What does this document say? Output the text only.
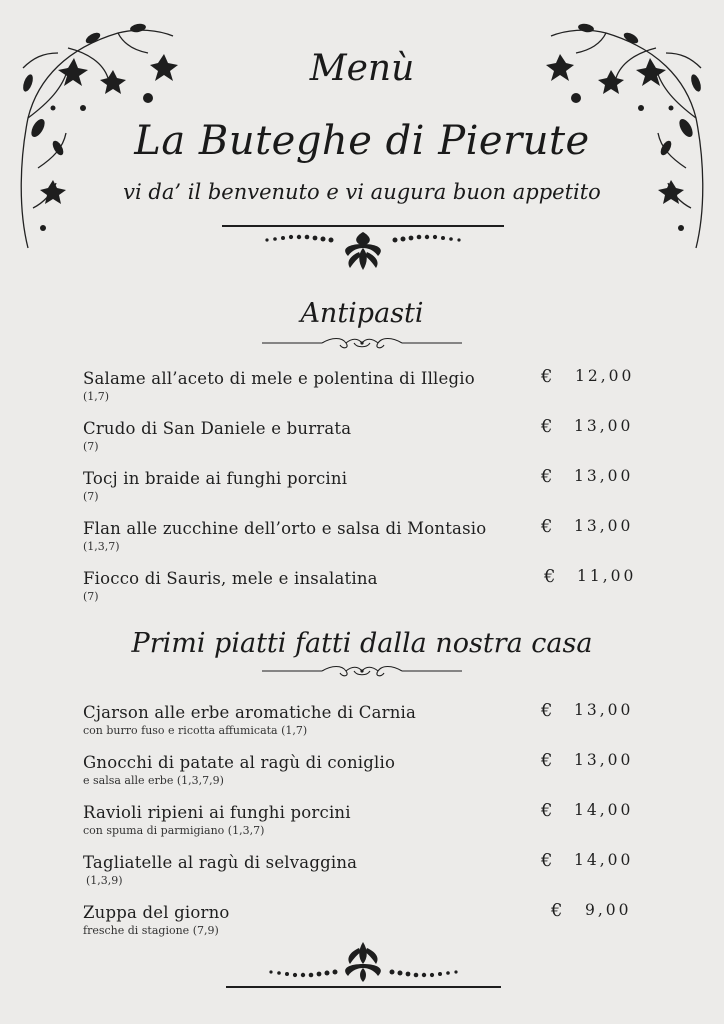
Menù
La Buteghe di Pierute
vi da’ il benvenuto e vi augura buon appetito
Antipasti
Salame all’aceto di mele e polentina di Illegio
(1,7)
€ 12,00
Crudo di San Daniele e burrata
(7)
€ 13,00
Tocj in braide ai funghi porcini
(7)
€ 13,00
Flan alle zucchine dell’orto e salsa di Montasio
(1,3,7)
€ 13,00
Fiocco di Sauris, mele e insalatina
(7)
€ 11,00
Primi piatti fatti dalla nostra casa
Cjarson alle erbe aromatiche di Carnia
con burro fuso e ricotta affumicata (1,7)
€ 13,00
Gnocchi di patate al ragù di coniglio
e salsa alle erbe (1,3,7,9)
€ 13,00
Ravioli ripieni ai funghi porcini
con spuma di parmigiano (1,3,7)
€ 14,00
Tagliatelle al ragù di selvaggina
(1,3,9)
€ 14,00
Zuppa del giorno
fresche di stagione (7,9)
€ 9,00
